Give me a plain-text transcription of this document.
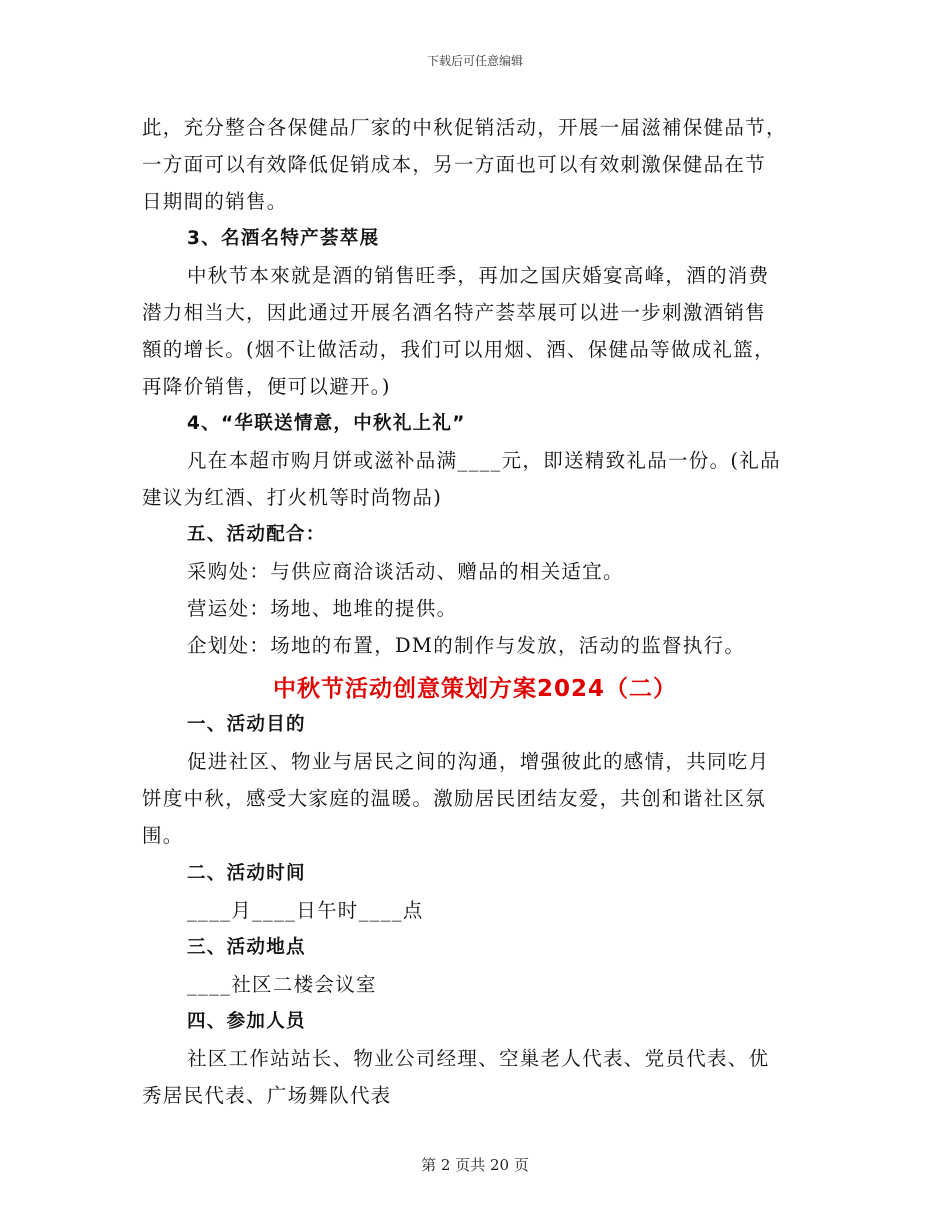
下载后可任意编辑
此，充分整合各保健品厂家的中秋促销活动，开展一届滋補保健品节，
一方面可以有效降低促销成本，另一方面也可以有效刺激保健品在节
日期間的销售。
3、名酒名特产荟萃展
中秋节本來就是酒的销售旺季，再加之国庆婚宴高峰，酒的消费
潜力相当大，因此通过开展名酒名特产荟萃展可以进一步刺激酒销售
額的增长。(烟不让做活动，我们可以用烟、酒、保健品等做成礼篮，
再降价销售，便可以避开。)
4、“华联送情意，中秋礼上礼”
凡在本超市购月饼或滋补品满____元，即送精致礼品一份。(礼品
建议为红酒、打火机等时尚物品)
五、活动配合：
采购处：与供应商洽谈活动、赠品的相关适宜。
营运处：场地、地堆的提供。
企划处：场地的布置，DM的制作与发放，活动的监督执行。
中秋节活动创意策划方案2024（二）
一、活动目的
促进社区、物业与居民之间的沟通，增强彼此的感情，共同吃月
饼度中秋，感受大家庭的温暖。激励居民团结友爱，共创和谐社区氛
围。
二、活动时间
____月____日午时____点
三、活动地点
____社区二楼会议室
四、参加人员
社区工作站站长、物业公司经理、空巢老人代表、党员代表、优
秀居民代表、广场舞队代表
第 2 页共 20 页
